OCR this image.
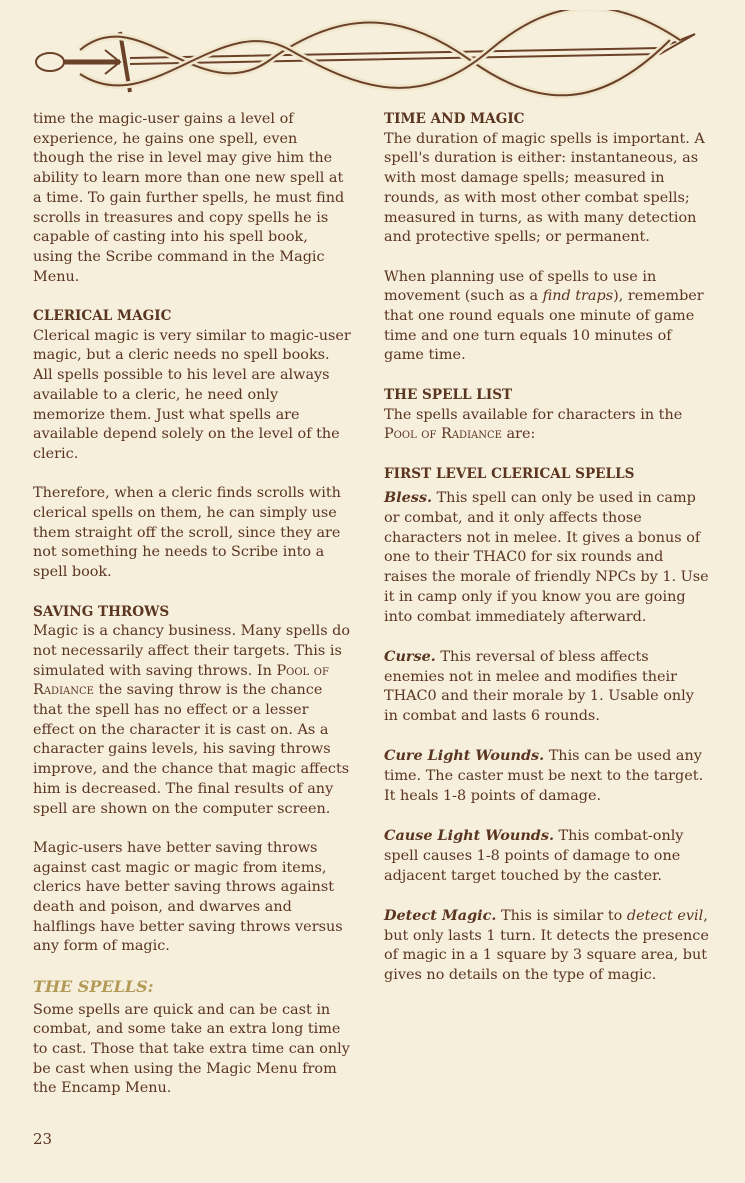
time the magic-user gains a level of experience, he gains one spell, even though the rise in level may give him the ability to learn more than one new spell at a time. To gain further spells, he must find scrolls in treasures and copy spells he is capable of casting into his spell book, using the Scribe command in the Magic Menu.

CLERICAL MAGIC
Clerical magic is very similar to magic-user magic, but a cleric needs no spell books. All spells possible to his level are always available to a cleric, he need only memorize them. Just what spells are available depend solely on the level of the cleric.

Therefore, when a cleric finds scrolls with clerical spells on them, he can simply use them straight off the scroll, since they are not something he needs to Scribe into a spell book.

SAVING THROWS
Magic is a chancy business. Many spells do not necessarily affect their targets. This is simulated with saving throws. In Pool of Radiance the saving throw is the chance that the spell has no effect or a lesser effect on the character it is cast on. As a character gains levels, his saving throws improve, and the chance that magic affects him is decreased. The final results of any spell are shown on the computer screen.

Magic-users have better saving throws against cast magic or magic from items, clerics have better saving throws against death and poison, and dwarves and halflings have better saving throws versus any form of magic.

THE SPELLS:

Some spells are quick and can be cast in combat, and some take an extra long time to cast. Those that take extra time can only be cast when using the Magic Menu from the Encamp Menu.

TIME AND MAGIC
The duration of magic spells is important. A spell's duration is either: instantaneous, as with most damage spells; measured in rounds, as with most other combat spells; measured in turns, as with many detection and protective spells; or permanent.

When planning use of spells to use in movement (such as a find traps), remember that one round equals one minute of game time and one turn equals 10 minutes of game time.

THE SPELL LIST
The spells available for characters in the Pool of Radiance are:

FIRST LEVEL CLERICAL SPELLS

Bless. This spell can only be used in camp or combat, and it only affects those characters not in melee. It gives a bonus of one to their THAC0 for six rounds and raises the morale of friendly NPCs by 1. Use it in camp only if you know you are going into combat immediately afterward.

Curse. This reversal of bless affects enemies not in melee and modifies their THAC0 and their morale by 1. Usable only in combat and lasts 6 rounds.

Cure Light Wounds. This can be used any time. The caster must be next to the target. It heals 1-8 points of damage.

Cause Light Wounds. This combat-only spell causes 1-8 points of damage to one adjacent target touched by the caster.

Detect Magic. This is similar to detect evil, but only lasts 1 turn. It detects the presence of magic in a 1 square by 3 square area, but gives no details on the type of magic.

23
